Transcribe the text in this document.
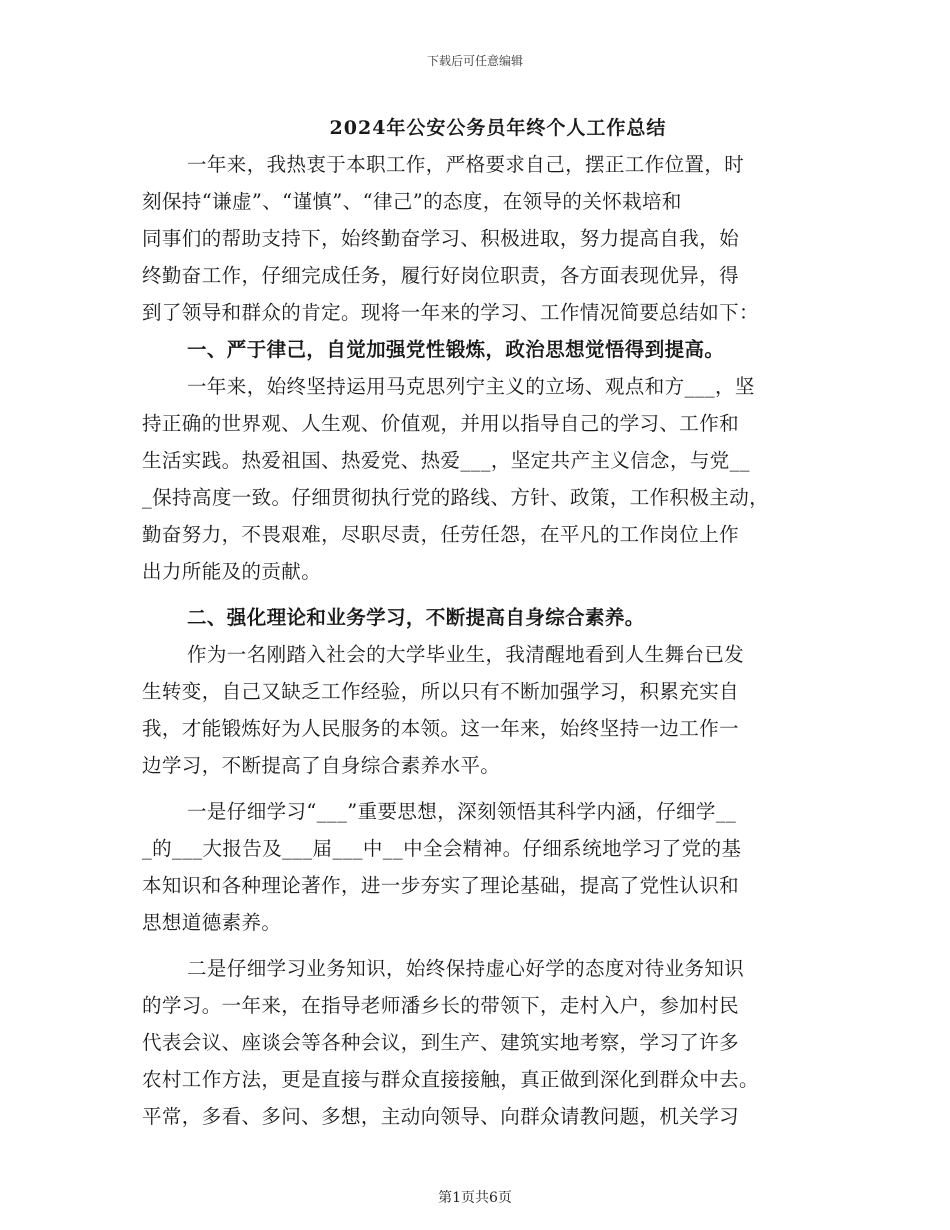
下载后可任意编辑
2024年公安公务员年终个人工作总结
一年来，我热衷于本职工作，严格要求自己，摆正工作位置，时
刻保持“谦虚”、“谨慎”、“律己”的态度，在领导的关怀栽培和
同事们的帮助支持下，始终勤奋学习、积极进取，努力提高自我，始
终勤奋工作，仔细完成任务，履行好岗位职责，各方面表现优异，得
到了领导和群众的肯定。现将一年来的学习、工作情况简要总结如下：
一、严于律己，自觉加强党性锻炼，政治思想觉悟得到提高。
一年来，始终坚持运用马克思列宁主义的立场、观点和方___，坚
持正确的世界观、人生观、价值观，并用以指导自己的学习、工作和
生活实践。热爱祖国、热爱党、热爱___，坚定共产主义信念，与党__
_保持高度一致。仔细贯彻执行党的路线、方针、政策，工作积极主动，
勤奋努力，不畏艰难，尽职尽责，任劳任怨，在平凡的工作岗位上作
出力所能及的贡献。
二、强化理论和业务学习，不断提高自身综合素养。
作为一名刚踏入社会的大学毕业生，我清醒地看到人生舞台已发
生转变，自己又缺乏工作经验，所以只有不断加强学习，积累充实自
我，才能锻炼好为人民服务的本领。这一年来，始终坚持一边工作一
边学习，不断提高了自身综合素养水平。
一是仔细学习“___”重要思想，深刻领悟其科学内涵，仔细学__
_的___大报告及___届___中__中全会精神。仔细系统地学习了党的基
本知识和各种理论著作，进一步夯实了理论基础，提高了党性认识和
思想道德素养。
二是仔细学习业务知识，始终保持虚心好学的态度对待业务知识
的学习。一年来，在指导老师潘乡长的带领下，走村入户，参加村民
代表会议、座谈会等各种会议，到生产、建筑实地考察，学习了许多
农村工作方法，更是直接与群众直接接触，真正做到深化到群众中去。
平常，多看、多问、多想，主动向领导、向群众请教问题，机关学习
第1页共6页
